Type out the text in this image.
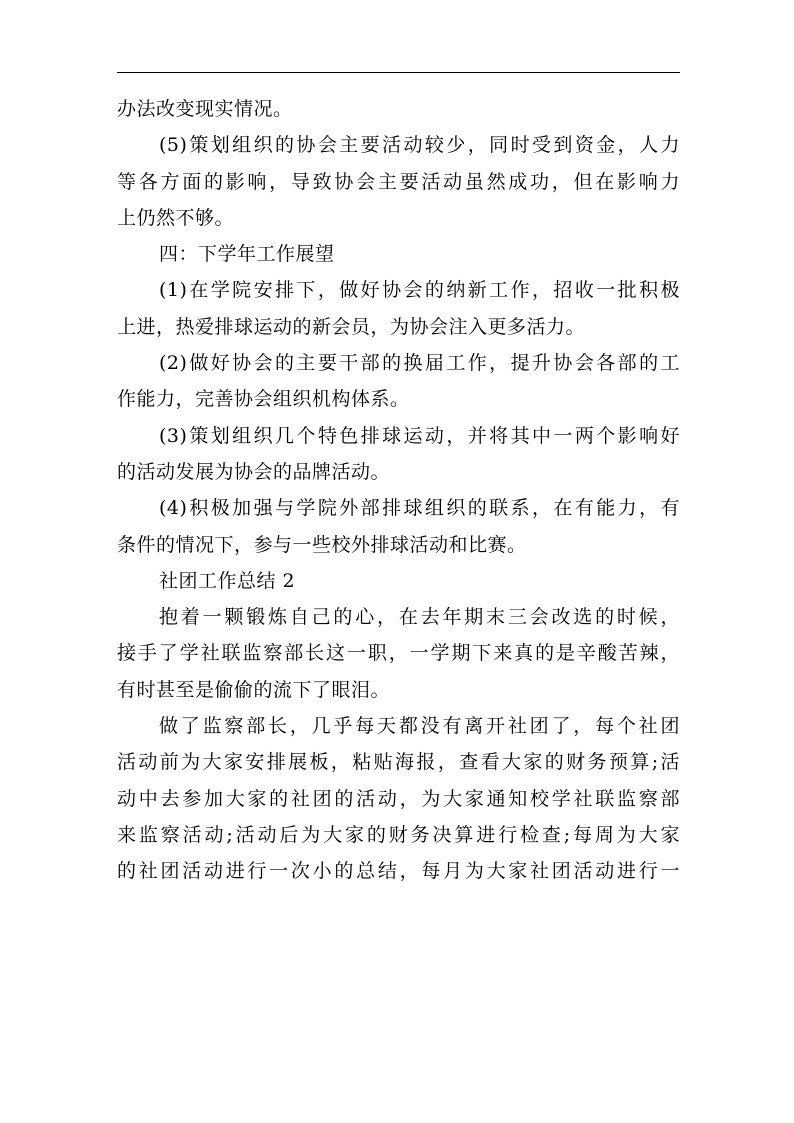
办法改变现实情况。
(5)策划组织的协会主要活动较少，同时受到资金，人力
等各方面的影响，导致协会主要活动虽然成功，但在影响力
上仍然不够。
四：下学年工作展望
(1)在学院安排下，做好协会的纳新工作，招收一批积极
上进，热爱排球运动的新会员，为协会注入更多活力。
(2)做好协会的主要干部的换届工作，提升协会各部的工
作能力，完善协会组织机构体系。
(3)策划组织几个特色排球运动，并将其中一两个影响好
的活动发展为协会的品牌活动。
(4)积极加强与学院外部排球组织的联系，在有能力，有
条件的情况下，参与一些校外排球活动和比赛。
社团工作总结 2
抱着一颗锻炼自己的心，在去年期末三会改选的时候，
接手了学社联监察部长这一职，一学期下来真的是辛酸苦辣，
有时甚至是偷偷的流下了眼泪。
做了监察部长，几乎每天都没有离开社团了，每个社团
活动前为大家安排展板，粘贴海报，查看大家的财务预算;活
动中去参加大家的社团的活动，为大家通知校学社联监察部
来监察活动;活动后为大家的财务决算进行检查;每周为大家
的社团活动进行一次小的总结，每月为大家社团活动进行一
